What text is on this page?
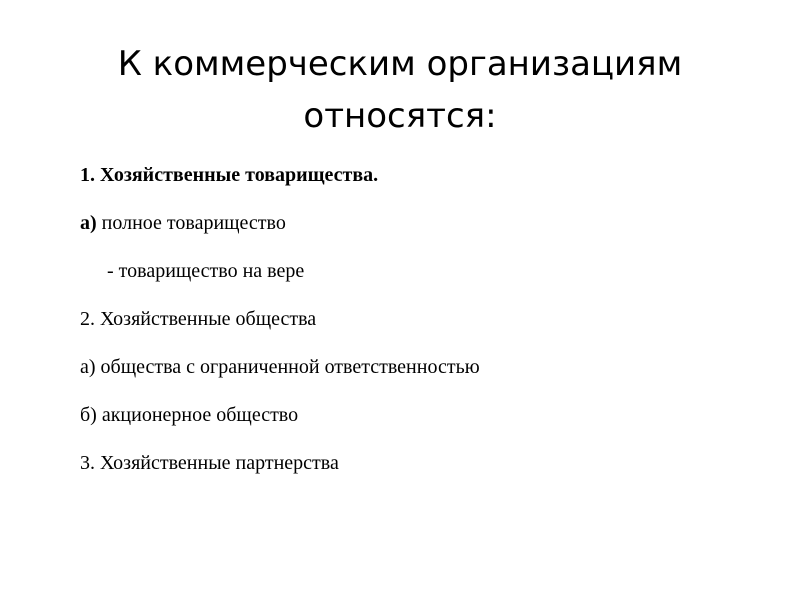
К коммерческим организациям
относятся:
1. Хозяйственные товарищества.
а) полное товарищество
- товарищество на вере
2. Хозяйственные общества
а) общества с ограниченной ответственностью
б) акционерное общество
3. Хозяйственные партнерства
